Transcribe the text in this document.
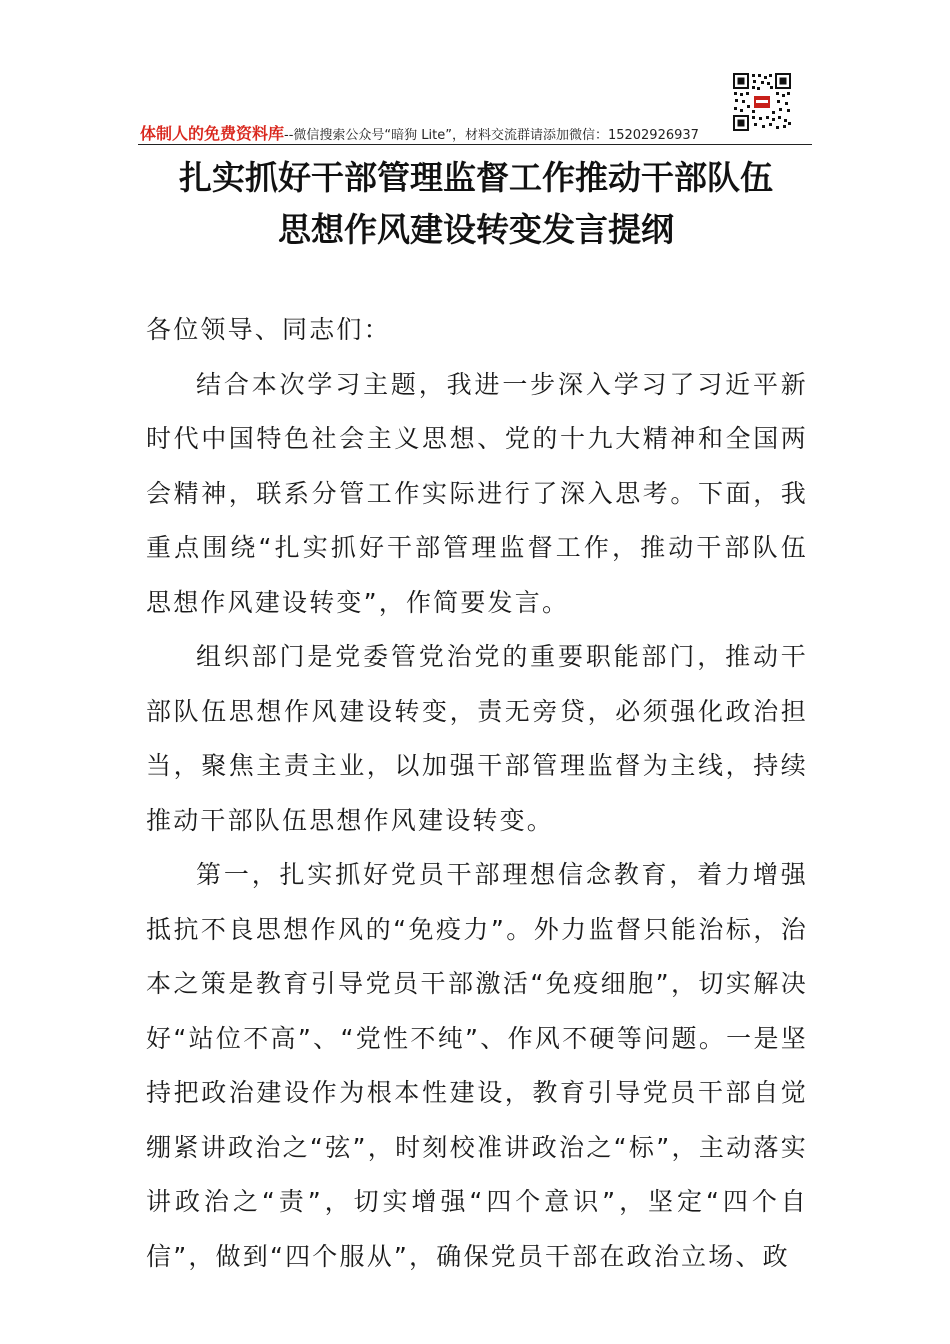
体制人的免费资料库--微信搜索公众号“暗狗 Lite”，材料交流群请添加微信：15202926937
扎实抓好干部管理监督工作推动干部队伍
思想作风建设转变发言提纲

各位领导、同志们：

结合本次学习主题，我进一步深入学习了习近平新时代中国特色社会主义思想、党的十九大精神和全国两会精神，联系分管工作实际进行了深入思考。下面，我重点围绕“扎实抓好干部管理监督工作，推动干部队伍思想作风建设转变”，作简要发言。

组织部门是党委管党治党的重要职能部门，推动干部队伍思想作风建设转变，责无旁贷，必须强化政治担当，聚焦主责主业，以加强干部管理监督为主线，持续推动干部队伍思想作风建设转变。

第一，扎实抓好党员干部理想信念教育，着力增强抵抗不良思想作风的“免疫力”。外力监督只能治标，治本之策是教育引导党员干部激活“免疫细胞”，切实解决好“站位不高”、“党性不纯”、作风不硬等问题。一是坚持把政治建设作为根本性建设，教育引导党员干部自觉绷紧讲政治之“弦”，时刻校准讲政治之“标”，主动落实讲政治之“责”，切实增强“四个意识”，坚定“四个自信”，做到“四个服从”，确保党员干部在政治立场、政
